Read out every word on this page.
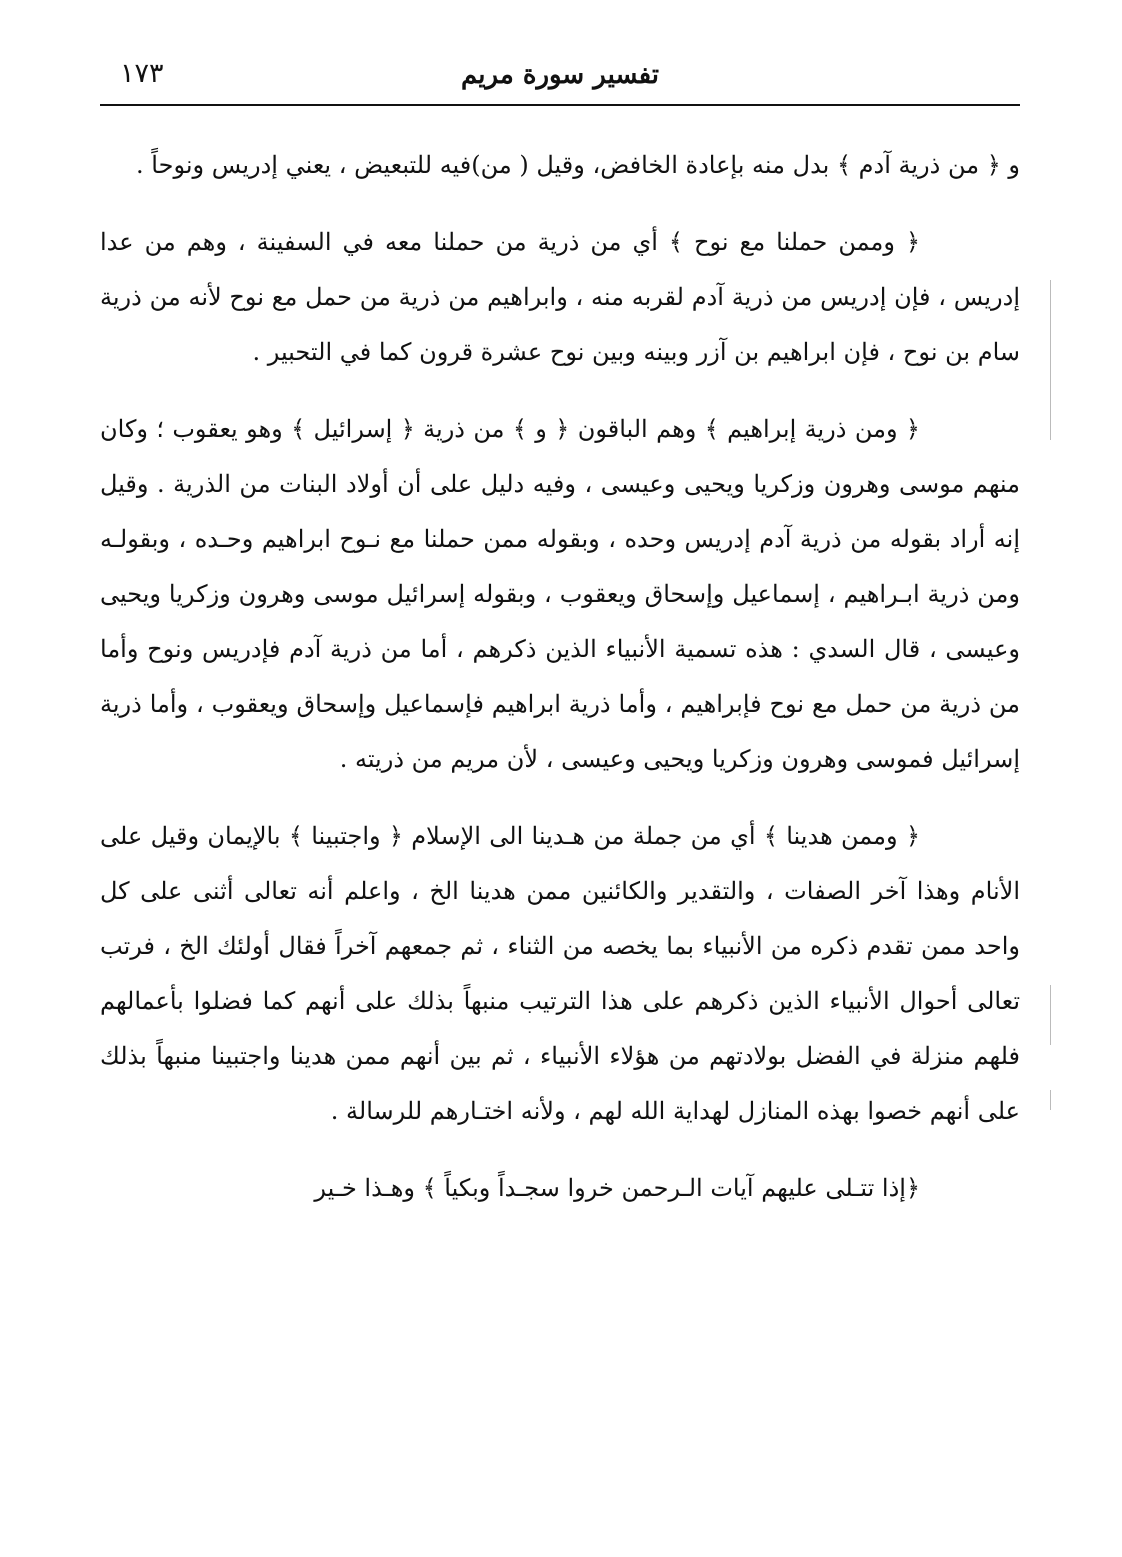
١٧٣	تفسير سورة مريم

و ﴿ من ذرية آدم ﴾ بدل منه بإعادة الخافض، وقيل ( من)فيه للتبعيض ، يعني إدريس ونوحاً .

﴿ وممن حملنا مع نوح ﴾ أي من ذرية من حملنا معه في السفينة ، وهم من عدا إدريس ، فإن إدريس من ذرية آدم لقربه منه ، وابراهيم من ذرية من حمل مع نوح لأنه من ذرية سام بن نوح ، فإن ابراهيم بن آزر وبينه وبين نوح عشرة قرون كما في التحبير .

﴿ ومن ذرية إبراهيم ﴾ وهم الباقون ﴿ و ﴾ من ذرية ﴿ إسرائيل ﴾ وهو يعقوب ؛ وكان منهم موسى وهرون وزكريا ويحيى وعيسى ، وفيه دليل على أن أولاد البنات من الذرية . وقيل إنه أراد بقوله من ذرية آدم إدريس وحده ، وبقوله ممن حملنا مع نـوح ابراهيم وحـده ، وبقولـه ومن ذرية ابـراهيم ، إسماعيل وإسحاق ويعقوب ، وبقوله إسرائيل موسى وهرون وزكريا ويحيى وعيسى ، قال السدي : هذه تسمية الأنبياء الذين ذكرهم ، أما من ذرية آدم فإدريس ونوح وأما من ذرية من حمل مع نوح فإبراهيم ، وأما ذرية ابراهيم فإسماعيل وإسحاق ويعقوب ، وأما ذرية إسرائيل فموسى وهرون وزكريا ويحيى وعيسى ، لأن مريم من ذريته .

﴿ وممن هدينا ﴾ أي من جملة من هـدينا الى الإسلام ﴿ واجتبينا ﴾ بالإيمان وقيل على الأنام وهذا آخر الصفات ، والتقدير والكائنين ممن هدينا الخ ، واعلم أنه تعالى أثنى على كل واحد ممن تقدم ذكره من الأنبياء بما يخصه من الثناء ، ثم جمعهم آخراً فقال أولئك الخ ، فرتب تعالى أحوال الأنبياء الذين ذكرهم على هذا الترتيب منبهاً بذلك على أنهم كما فضلوا بأعمالهم فلهم منزلة في الفضل بولادتهم من هؤلاء الأنبياء ، ثم بين أنهم ممن هدينا واجتبينا منبهاً بذلك على أنهم خصوا بهذه المنازل لهداية الله لهم ، ولأنه اختـارهم للرسالة .

﴿إذا تتـلى عليهم آيات الـرحمن خروا سجـداً وبكياً ﴾ وهـذا خـير
